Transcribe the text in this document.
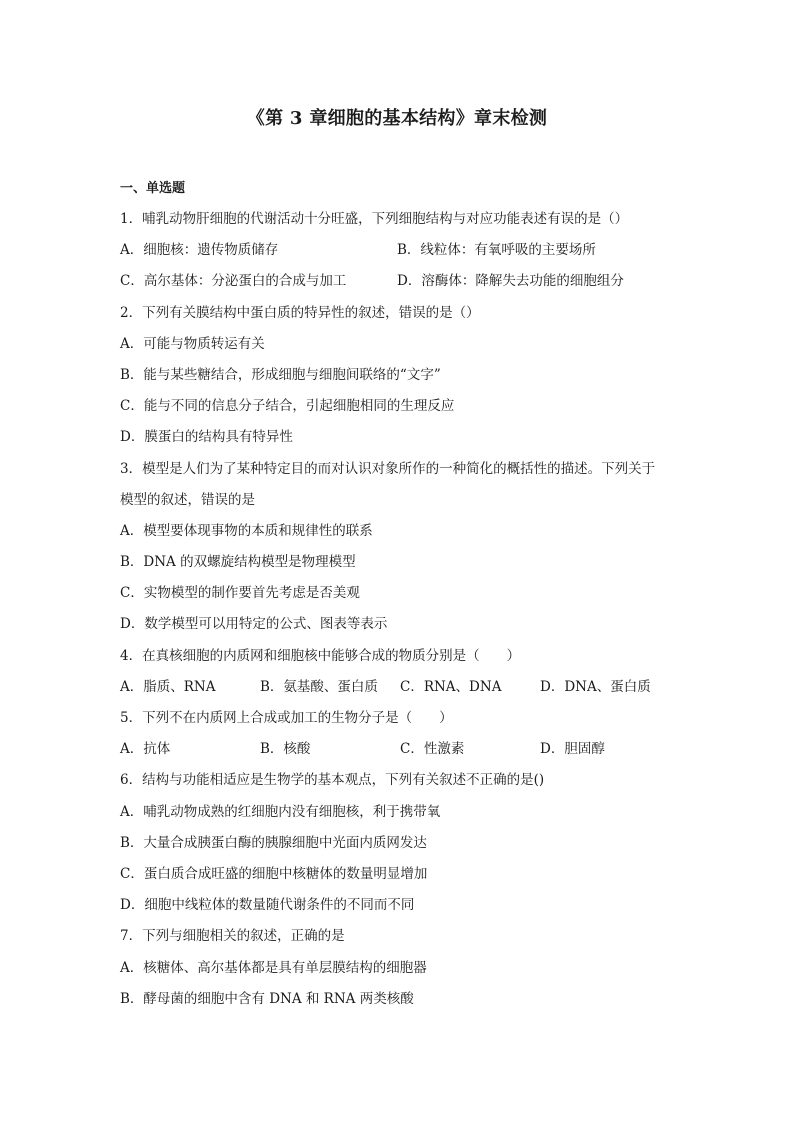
《第 3 章细胞的基本结构》章末检测
一、单选题
1．哺乳动物肝细胞的代谢活动十分旺盛，下列细胞结构与对应功能表述有误的是（）
A．细胞核：遗传物质储存	B．线粒体：有氧呼吸的主要场所
C．高尔基体：分泌蛋白的合成与加工	D．溶酶体：降解失去功能的细胞组分
2．下列有关膜结构中蛋白质的特异性的叙述，错误的是（）
A．可能与物质转运有关
B．能与某些糖结合，形成细胞与细胞间联络的“文字”
C．能与不同的信息分子结合，引起细胞相同的生理反应
D．膜蛋白的结构具有特异性
3．模型是人们为了某种特定目的而对认识对象所作的一种简化的概括性的描述。下列关于
模型的叙述，错误的是
A．模型要体现事物的本质和规律性的联系
B．DNA 的双螺旋结构模型是物理模型
C．实物模型的制作要首先考虑是否美观
D．数学模型可以用特定的公式、图表等表示
4．在真核细胞的内质网和细胞核中能够合成的物质分别是（　　）
A．脂质、RNA	B．氨基酸、蛋白质	C．RNA、DNA	D．DNA、蛋白质
5．下列不在内质网上合成或加工的生物分子是（　　）
A．抗体	B．核酸	C．性激素	D．胆固醇
6．结构与功能相适应是生物学的基本观点，下列有关叙述不正确的是()
A．哺乳动物成熟的红细胞内没有细胞核，利于携带氧
B．大量合成胰蛋白酶的胰腺细胞中光面内质网发达
C．蛋白质合成旺盛的细胞中核糖体的数量明显增加
D．细胞中线粒体的数量随代谢条件的不同而不同
7．下列与细胞相关的叙述，正确的是
A．核糖体、高尔基体都是具有单层膜结构的细胞器
B．酵母菌的细胞中含有 DNA 和 RNA 两类核酸
